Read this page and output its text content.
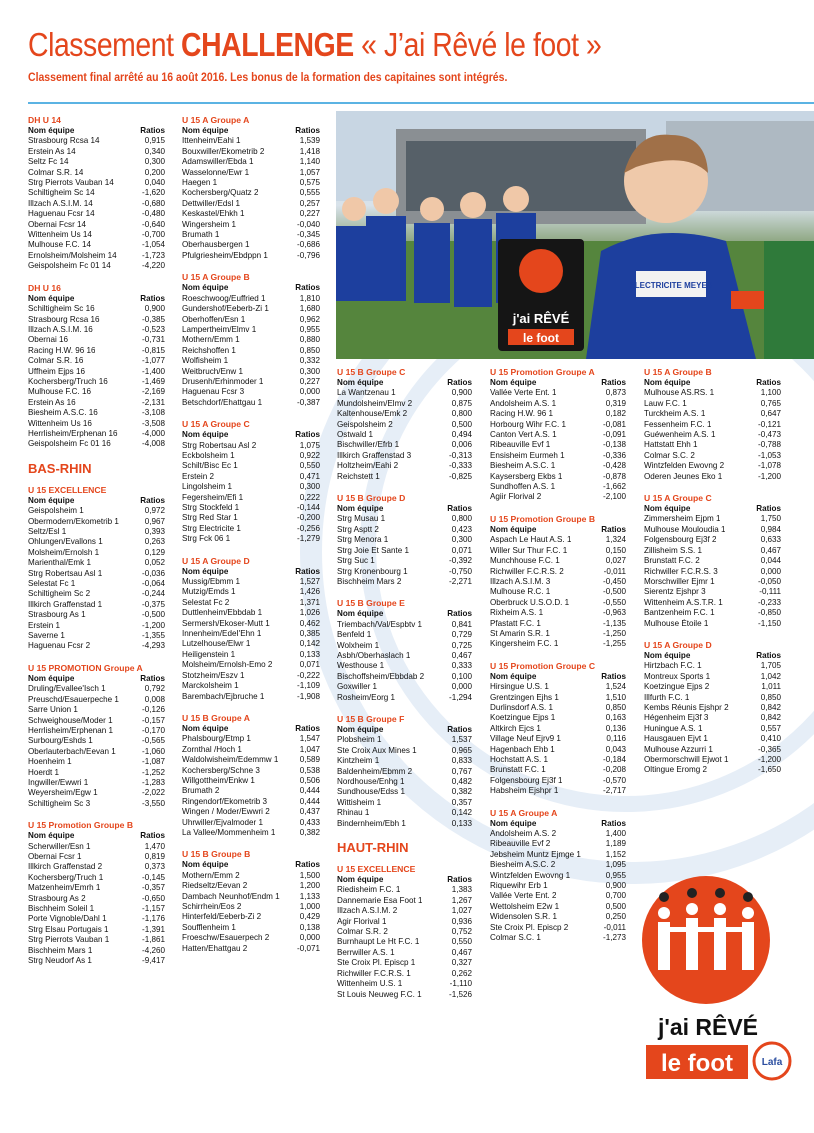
Classement CHALLENGE « J’ai Rêvé le foot »
Classement final arrêté au 16 août 2016. Les bonus de la formation des capitaines sont intégrés.
DH U 14
Nom équipe	Ratios
Strasbourg Rcsa 14	0,915
Erstein As 14	0,340
Seltz Fc 14	0,300
Colmar S.R. 14	0,200
Strg Pierrots Vauban 14	0,040
Schiltigheim Sc 14	-1,620
Illzach A.S.I.M. 14	-0,680
Haguenau Fcsr 14	-0,480
Obernai Fcsr 14	-0,640
Wittenheim Us 14	-0,700
Mulhouse F.C. 14	-1,054
Ernolsheim/Molsheim 14	-1,723
Geispolsheim Fc 01 14	-4,220
DH U 16
Nom équipe	Ratios
Schiltigheim Sc 16	0,900
Strasbourg Rcsa 16	-0,385
Illzach A.S.I.M. 16	-0,523
Obernai 16	-0,731
Racing H.W. 96 16	-0,815
Colmar S.R. 16	-1,077
Uffheim Ejps 16	-1,400
Kochersberg/Truch 16	-1,469
Mulhouse F.C. 16	-2,169
Erstein As 16	-2,131
Biesheim A.S.C. 16	-3,108
Wittenheim Us 16	-3,508
Herrlisheim/Erphenan 16	-4,000
Geispolsheim Fc 01 16	-4,008
BAS-RHIN
U 15 EXCELLENCE
Nom équipe	Ratios
Geispolsheim 1	0,972
Obermodern/Ekometrib 1	0,967
Seltz/Esl 1	0,393
Ohlungen/Evallons 1	0,263
Molsheim/Ernolsh 1	0,129
Marienthal/Emk 1	0,052
Strg Robertsau Asl 1	-0,036
Selestat Fc 1	-0,064
Schiltigheim Sc 2	-0,244
Illkirch Graffenstad 1	-0,375
Strasbourg As 1	-0,500
Erstein 1	-1,200
Saverne 1	-1,355
Haguenau Fcsr 2	-4,293
U 15 PROMOTION Groupe A
Nom équipe	Ratios
Druling/Evallee'Isch 1	0,792
Preuschd/Esauerpeche 1	0,008
Sarre Union 1	-0,126
Schweighouse/Moder 1	-0,157
Herrlisheim/Erphenan 1	-0,170
Surbourg/Eshds 1	-0,565
Oberlauterbach/Eevan 1	-1,060
Hoenheim 1	-1,087
Hoerdt 1	-1,252
Ingwiller/Ewwri 1	-1,283
Weyersheim/Egw 1	-2,022
Schiltigheim Sc 3	-3,550
U 15 Promotion Groupe B
Nom équipe	Ratios
Scherwiller/Esn 1	1,470
Obernai Fcsr 1	0,819
Illkirch Graffenstad 2	0,373
Kochersberg/Truch 1	-0,145
Matzenheim/Emrh 1	-0,357
Strasbourg As 2	-0,650
Bischheim Soleil 1	-1,157
Porte Vignoble/Dahl 1	-1,176
Strg Elsau Portugais 1	-1,391
Strg Pierrots Vauban 1	-1,861
Bischheim Mars 1	-4,260
Strg Neudorf As 1	-9,417
U 15 A Groupe A
Nom équipe	Ratios
Ittenheim/Eahi 1	1,539
Bouxwiller/Ekometrib 2	1,418
Adamswiller/Ebda 1	1,140
Wasselonne/Ewr 1	1,057
Haegen 1	0,575
Kochersberg/Quatz 2	0,555
Dettwiller/Edsl 1	0,257
Keskastel/Ehkh 1	0,227
Wingersheim 1	-0,040
Brumath 1	-0,345
Oberhausbergen 1	-0,686
Pfulgriesheim/Ebdppn 1	-0,796
U 15 A Groupe B
Nom équipe	Ratios
Roeschwoog/Euffried 1	1,810
Gundershof/Eeberb-Zi 1	1,680
Oberhoffen/Esn 1	0,962
Lampertheim/Elmv 1	0,955
Mothern/Emm 1	0,880
Reichshoffen 1	0,850
Wolfisheim 1	0,332
Weitbruch/Enw 1	0,300
Drusenh/Erhinmoder 1	0,227
Haguenau Fcsr 3	0,000
Betschdorf/Ehattgau 1	-0,387
U 15 A Groupe C
Nom équipe	Ratios
Strg Robertsau Asl 2	1,075
Eckbolsheim 1	0,922
Schilt/Bisc Ec 1	0,550
Erstein 2	0,471
Lingolsheim 1	0,300
Fegersheim/Efi 1	0,222
Strg Stockfeld 1	-0,144
Strg Red Star 1	-0,200
Strg Electricite 1	-0,256
Strg Fck 06 1	-1,279
U 15 A Groupe D
Nom équipe	Ratios
Mussig/Ebmm 1	1,527
Mutzig/Emds 1	1,426
Selestat Fc 2	1,371
Duttlenheim/Ebbdab 1	1,026
Sermersh/Ekoser-Mutt 1	0,462
Innenheim/EdeI'Ehn 1	0,385
Lutzelhouse/Elwr 1	0,142
Heiligenstein 1	0,133
Molsheim/Ernolsh-Emo 2	0,071
Stotzheim/Eszv 1	-0,222
Marckolsheim 1	-1,109
Barembach/Ejbruche 1	-1,908
U 15 B Groupe A
Nom équipe	Ratios
Phalsbourg/Etmp 1	1,547
Zornthal /Hoch 1	1,047
Waldolwisheim/Edemmw 1	0,589
Kochersberg/Schne 3	0,538
Willgottheim/Enkw 1	0,506
Brumath 2	0,444
Ringendorf/Ekometrib 3	0,444
Wingen / Moder/Ewwri 2	0,437
Uhrwiller/Ejvalmoder 1	0,433
La Vallee/Mommenheim 1	0,382
U 15 B Groupe B
Nom équipe	Ratios
Mothern/Emm 2	1,500
Riedseltz/Eevan 2	1,200
Dambach Neunhof/Endm 1 1,133
Schirrhein/Eos 2	1,000
Hinterfeld/Eeberb-Zi 2	0,429
Soufflenheim 1	0,138
Froeschw/Esauerpech 2	0,000
Hatten/Ehattgau 2	-0,071
U 15 B Groupe C
Nom équipe	Ratios
La Wantzenau 1	0,900
Mundolsheim/Elmv 2	0,875
Kaltenhouse/Emk 2	0,800
Geispolsheim 2	0,500
Ostwald 1	0,494
Bischwiller/Efrb 1	0,006
Illkirch Graffenstad 3	-0,313
Holtzheim/Eahi 2	-0,333
Reichstett 1	-0,825
U 15 B Groupe D
Nom équipe	Ratios
Strg Musau 1	0,800
Strg Asptt 2	0,423
Strg Menora 1	0,300
Strg Joie Et Sante 1	0,071
Strg Suc 1	-0,392
Strg Kronenbourg 1	-0,750
Bischheim Mars 2	-2,271
U 15 B Groupe E
Nom équipe	Ratios
Triembach/Val/Espbtv 1	0,841
Benfeld 1	0,729
Wolxheim 1	0,725
Asbh/Oberhaslach 1	0,467
Westhouse 1	0,333
Bischoffsheim/Ebbdab 2	0,100
Goxwiller 1	0,000
Rosheim/Eorg 1	-1,294
U 15 B Groupe F
Nom équipe	Ratios
Plobsheim 1	1,537
Ste Croix Aux Mines 1	0,965
Kintzheim 1	0,833
Baldenheim/Ebmm 2	0,767
Nordhouse/Enhg 1	0,482
Sundhouse/Edss 1	0,382
Wittisheim 1	0,357
Rhinau 1	0,142
Bindernheim/Ebh 1	0,133
HAUT-RHIN
U 15 EXCELLENCE
Nom équipe	Ratios
Riedisheim F.C. 1	1,383
Dannemarie Esa Foot 1	1,267
Illzach A.S.I.M. 2	1,027
Agir Florival 1	0,936
Colmar S.R. 2	0,752
Burnhaupt Le Ht F.C. 1	0,550
Berrwiller A.S. 1	0,467
Ste Croix Pl. Episcp 1	0,327
Richwiller F.C.R.S. 1	0,262
Wittenheim U.S. 1	-1,110
St Louis Neuweg F.C. 1	-1,526
U 15 Promotion Groupe A
Nom équipe	Ratios
Vallée Verte Ent. 1	0,873
Andolsheim A.S. 1	0,319
Racing H.W. 96 1	0,182
Horbourg Wihr F.C. 1	-0,081
Canton Vert A.S. 1	-0,091
Ribeauville Evf 1	-0,138
Ensisheim Eurmeh 1	-0,336
Biesheim A.S.C. 1	-0,428
Kaysersberg Ekbs 1	-0,878
Sundhoffen A.S. 1	-1,662
Agiir Florival 2	-2,100
U 15 Promotion Groupe B
Nom équipe	Ratios
Aspach Le Haut A.S. 1	1,324
Willer Sur Thur F.C. 1	0,150
Munchhouse F.C. 1	0,027
Richwiller F.C.R.S. 2	-0,011
Illzach A.S.I.M. 3	-0,450
Mulhouse R.C. 1	-0,500
Oberbruck U.S.O.D. 1	-0,550
Rixheim A.S. 1	-0,963
Pfastatt F.C. 1	-1,135
St Amarin S.R. 1	-1,250
Kingersheim F.C. 1	-1,255
U 15 Promotion Groupe C
Nom équipe	Ratios
Hirsingue U.S. 1	1,524
Grentzingen Ejhs 1	1,510
Durlinsdorf A.S. 1	0,850
Koetzingue Ejps 1	0,163
Altkirch Ejcs 1	0,136
Village Neuf Ejrv9 1	0,116
Hagenbach Ehb 1	0,043
Hochstatt A.S. 1	-0,184
Brunstatt F.C. 1	-0,208
Folgensbourg Ej3f 1	-0,570
Habsheim Ejshpr 1	-2,717
U 15 A Groupe A
Nom équipe	Ratios
Andolsheim A.S. 2	1,400
Ribeauville Evf 2	1,189
Jebsheim Muntz Ejmge 1	1,152
Biesheim A.S.C. 2	1,095
Wintzfelden Ewovng 1	0,955
Riquewihr Erb 1	0,900
Vallée Verte Ent. 2	0,700
Wettolsheim E2w 1	0,500
Widensolen S.R. 1	0,250
Ste Croix Pl. Episcp 2	-0,011
Colmar S.C. 1	-1,273
U 15 A Groupe B
Nom équipe	Ratios
Mulhouse AS.RS. 1	1,100
Lauw F.C. 1	0,765
Turckheim A.S. 1	0,647
Fessenheim F.C. 1	-0,121
Guéwenheim A.S. 1	-0,473
Hattstatt Ehh 1	-0,788
Colmar S.C. 2	-1,053
Wintzfelden Ewovng 2	-1,078
Oderen Jeunes Eko 1	-1,200
U 15 A Groupe C
Nom équipe	Ratios
Zimmersheim Ejpm 1	1,750
Mulhouse Mouloudia 1	0,984
Folgensbourg Ej3f 2	0,633
Zillisheim S.S. 1	0,467
Brunstatt F.C. 2	0,044
Richwiller F.C.R.S. 3	0,000
Morschwiller Ejmr 1	-0,050
Sierentz Ejshpr 3	-0,111
Wittenheim A.S.T.R. 1	-0,233
Bantzenheim F.C. 1	-0,850
Mulhouse Étoile 1	-1,150
U 15 A Groupe D
Nom équipe	Ratios
Hirtzbach F.C. 1	1,705
Montreux Sports 1	1,042
Koetzingue Ejps 2	1,011
Illfurth F.C. 1	0,850
Kembs Réunis Ejshpr 2	0,842
Hégenheim Ej3f 3	0,842
Huningue A.S. 1	0,557
Hausgauen Ejvt 1	0,410
Mulhouse Azzurri 1	-0,365
Obermorschwill Ejwot 1	-1,200
Oltingue Eromg 2	-1,650
j'ai RÊVÉ
le foot
ELECTRICITE MEYER
j'ai RÊVÉ
le foot	Lafa
